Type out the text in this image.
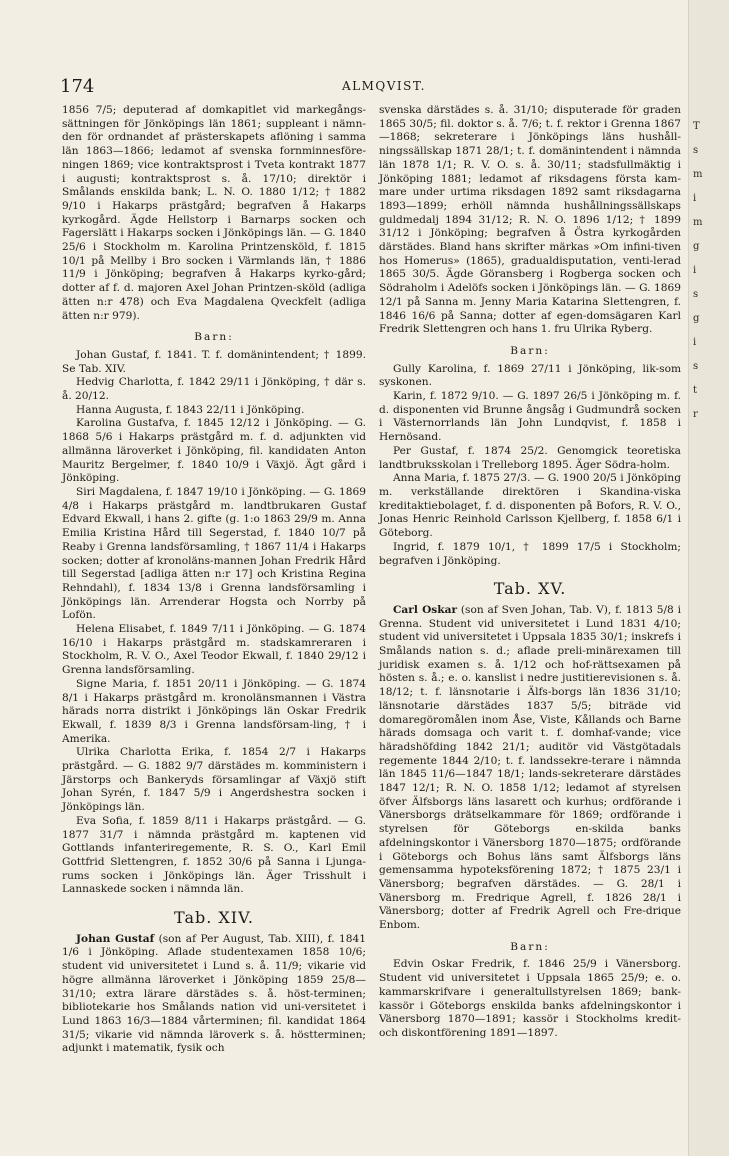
T
s
m
i
m
g
i
s
g
i
s
t
r
174	ALMQVIST.

1856 7/5; deputerad af domkapitlet vid markegångs-sättningen för Jönköpings län 1861; suppleant i nämn-den för ordnandet af prästerskapets aflöning i samma län 1863—1866; ledamot af svenska fornminnesföre-ningen 1869; vice kontraktsprost i Tveta kontrakt 1877 i augusti; kontraktsprost s. å. 17/10; direktör i Smålands enskilda bank; L. N. O. 1880 1/12; † 1882 9/10 i Hakarps prästgård; begrafven å Hakarps kyrkogård. Ägde Hellstorp i Barnarps socken och Fagerslätt i Hakarps socken i Jönköpings län. — G. 1840 25/6 i Stockholm m. Karolina Printzensköld, f. 1815 10/1 på Mellby i Bro socken i Värmlands län, † 1886 11/9 i Jönköping; begrafven å Hakarps kyrko-gård; dotter af f. d. majoren Axel Johan Printzen-sköld (adliga ätten n:r 478) och Eva Magdalena Qveckfelt (adliga ätten n:r 979).

Barn:

Johan Gustaf, f. 1841. T. f. domänintendent; † 1899. Se Tab. XIV.

Hedvig Charlotta, f. 1842 29/11 i Jönköping, † där s. å. 20/12.

Hanna Augusta, f. 1843 22/11 i Jönköping.

Karolina Gustafva, f. 1845 12/12 i Jönköping. — G. 1868 5/6 i Hakarps prästgård m. f. d. adjunkten vid allmänna läroverket i Jönköping, fil. kandidaten Anton Mauritz Bergelmer, f. 1840 10/9 i Växjö. Ägt gård i Jönköping.

Siri Magdalena, f. 1847 19/10 i Jönköping. — G. 1869 4/8 i Hakarps prästgård m. landtbrukaren Gustaf Edvard Ekwall, i hans 2. gifte (g. 1:o 1863 29/9 m. Anna Emilia Kristina Hård till Segerstad, f. 1840 10/7 på Reaby i Grenna landsförsamling, † 1867 11/4 i Hakarps socken; dotter af kronoläns-mannen Johan Fredrik Hård till Segerstad [adliga ätten n:r 17] och Kristina Regina Rehndahl), f. 1834 13/8 i Grenna landsförsamling i Jönköpings län. Arrenderar Hogsta och Norrby på Lofön.

Helena Elisabet, f. 1849 7/11 i Jönköping. — G. 1874 16/10 i Hakarps prästgård m. stadskamreraren i Stockholm, R. V. O., Axel Teodor Ekwall, f. 1840 29/12 i Grenna landsförsamling.

Signe Maria, f. 1851 20/11 i Jönköping. — G. 1874 8/1 i Hakarps prästgård m. kronolänsmannen i Västra härads norra distrikt i Jönköpings län Oskar Fredrik Ekwall, f. 1839 8/3 i Grenna landsförsam-ling, † i Amerika.

Ulrika Charlotta Erika, f. 1854 2/7 i Hakarps prästgård. — G. 1882 9/7 därstädes m. komministern i Järstorps och Bankeryds församlingar af Växjö stift Johan Syrén, f. 1847 5/9 i Angerdshestra socken i Jönköpings län.

Eva Sofia, f. 1859 8/11 i Hakarps prästgård. — G. 1877 31/7 i nämnda prästgård m. kaptenen vid Gottlands infanteriregemente, R. S. O., Karl Emil Gottfrid Slettengren, f. 1852 30/6 på Sanna i Ljunga-rums socken i Jönköpings län. Äger Trisshult i Lannaskede socken i nämnda län.

Tab. XIV.

Johan Gustaf (son af Per August, Tab. XIII), f. 1841 1/6 i Jönköping. Aflade studentexamen 1858 10/6; student vid universitetet i Lund s. å. 11/9; vikarie vid högre allmänna läroverket i Jönköping 1859 25/8—31/10; extra lärare därstädes s. å. höst-terminen; bibliotekarie hos Smålands nation vid uni-versitetet i Lund 1863 16/3—1884 vårterminen; fil. kandidat 1864 31/5; vikarie vid nämnda läroverk s. å. höstterminen; adjunkt i matematik, fysik och

svenska därstädes s. å. 31/10; disputerade för graden 1865 30/5; fil. doktor s. å. 7/6; t. f. rektor i Grenna 1867—1868; sekreterare i Jönköpings läns hushåll-ningssällskap 1871 28/1; t. f. domänintendent i nämnda län 1878 1/1; R. V. O. s. å. 30/11; stadsfullmäktig i Jönköping 1881; ledamot af riksdagens första kam-mare under urtima riksdagen 1892 samt riksdagarna 1893—1899; erhöll nämnda hushållningssällskaps guldmedalj 1894 31/12; R. N. O. 1896 1/12; † 1899 31/12 i Jönköping; begrafven å Östra kyrkogården därstädes. Bland hans skrifter märkas »Om infini-tiven hos Homerus» (1865), gradualdisputation, venti-lerad 1865 30/5. Ägde Göransberg i Rogberga socken och Södraholm i Adelöfs socken i Jönköpings län. — G. 1869 12/1 på Sanna m. Jenny Maria Katarina Slettengren, f. 1846 16/6 på Sanna; dotter af egen-domsägaren Karl Fredrik Slettengren och hans 1. fru Ulrika Ryberg.

Barn:

Gully Karolina, f. 1869 27/11 i Jönköping, lik-som syskonen.

Karin, f. 1872 9/10. — G. 1897 26/5 i Jönköping m. f. d. disponenten vid Brunne ångsåg i Gudmundrå socken i Västernorrlands län John Lundqvist, f. 1858 i Hernösand.

Per Gustaf, f. 1874 25/2. Genomgick teoretiska landtbruksskolan i Trelleborg 1895. Äger Södra-holm.

Anna Maria, f. 1875 27/3. — G. 1900 20/5 i Jönköping m. verkställande direktören i Skandina-viska kreditaktiebolaget, f. d. disponenten på Bofors, R. V. O., Jonas Henric Reinhold Carlsson Kjellberg, f. 1858 6/1 i Göteborg.

Ingrid, f. 1879 10/1, † 1899 17/5 i Stockholm; begrafven i Jönköping.

Tab. XV.

Carl Oskar (son af Sven Johan, Tab. V), f. 1813 5/8 i Grenna. Student vid universitetet i Lund 1831 4/10; student vid universitetet i Uppsala 1835 30/1; inskrefs i Smålands nation s. d.; aflade preli-minärexamen till juridisk examen s. å. 1/12 och hof-rättsexamen på hösten s. å.; e. o. kanslist i nedre justitierevisionen s. å. 18/12; t. f. länsnotarie i Älfs-borgs län 1836 31/10; länsnotarie därstädes 1837 5/5; biträde vid domaregöromålen inom Åse, Viste, Kållands och Barne härads domsaga och varit t. f. domhaf-vande; vice häradshöfding 1842 21/1; auditör vid Västgötadals regemente 1844 2/10; t. f. landssekre-terare i nämnda län 1845 11/6—1847 18/1; lands-sekreterare därstädes 1847 12/1; R. N. O. 1858 1/12; ledamot af styrelsen öfver Älfsborgs läns lasarett och kurhus; ordförande i Vänersborgs drätselkammare för 1869; ordförande i styrelsen för Göteborgs en-skilda banks afdelningskontor i Vänersborg 1870—1875; ordförande i Göteborgs och Bohus läns samt Älfsborgs läns gemensamma hypoteksförening 1872; † 1875 23/1 i Vänersborg; begrafven därstädes. — G. 28/1 i Vänersborg m. Fredrique Agrell, f. 1826 28/1 i Vänersborg; dotter af Fredrik Agrell och Fre-drique Enbom.

Barn:

Edvin Oskar Fredrik, f. 1846 25/9 i Vänersborg. Student vid universitetet i Uppsala 1865 25/9; e. o. kammarskrifvare i generaltullstyrelsen 1869; bank-kassör i Göteborgs enskilda banks afdelningskontor i Vänersborg 1870—1891; kassör i Stockholms kredit-och diskontförening 1891—1897.
